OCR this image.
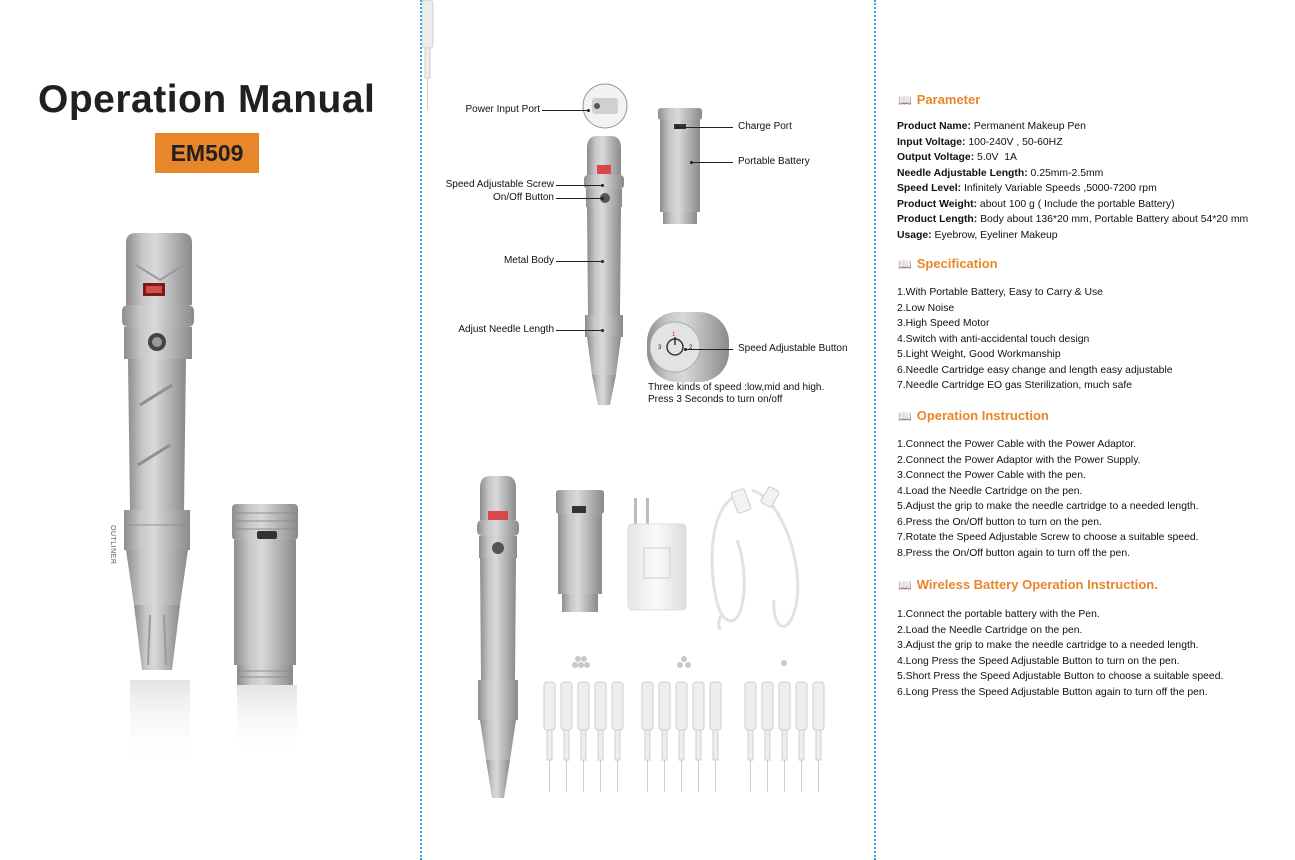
Operation Manual
EM509
OUTLINER
Power Input Port
Speed Adjustable Screw
On/Off Button
Metal Body
Adjust Needle Length
Charge Port
Portable Battery
Speed Adjustable Button
1
2
3
Three kinds of speed :low,mid and high.
Press 3 Seconds to turn on/off
📖 Parameter
Product Name: Permanent Makeup Pen
Input Voltage: 100-240V , 50-60HZ
Output Voltage: 5.0V  1A
Needle Adjustable Length: 0.25mm-2.5mm
Speed Level: Infinitely Variable Speeds ,5000-7200 rpm
Product Weight: about 100 g ( Include the portable Battery)
Product Length: Body about 136*20 mm, Portable Battery about 54*20 mm
Usage: Eyebrow, Eyeliner Makeup
📖 Specification
1.With Portable Battery, Easy to Carry & Use
2.Low Noise
3.High Speed Motor
4.Switch with anti-accidental touch design
5.Light Weight, Good Workmanship
6.Needle Cartridge easy change and length easy adjustable
7.Needle Cartridge EO gas Sterilization, much safe
📖 Operation Instruction
1.Connect the Power Cable with the Power Adaptor.
2.Connect the Power Adaptor with the Power Supply.
3.Connect the Power Cable with the pen.
4.Load the Needle Cartridge on the pen.
5.Adjust the grip to make the needle cartridge to a needed length.
6.Press the On/Off button to turn on the pen.
7.Rotate the Speed Adjustable Screw to choose a suitable speed.
8.Press the On/Off button again to turn off the pen.
📖 Wireless Battery Operation Instruction.
1.Connect the portable battery with the Pen.
2.Load the Needle Cartridge on the pen.
3.Adjust the grip to make the needle cartridge to a needed length.
4.Long Press the Speed Adjustable Button to turn on the pen.
5.Short Press the Speed Adjustable Button to choose a suitable speed.
6.Long Press the Speed Adjustable Button again to turn off the pen.
